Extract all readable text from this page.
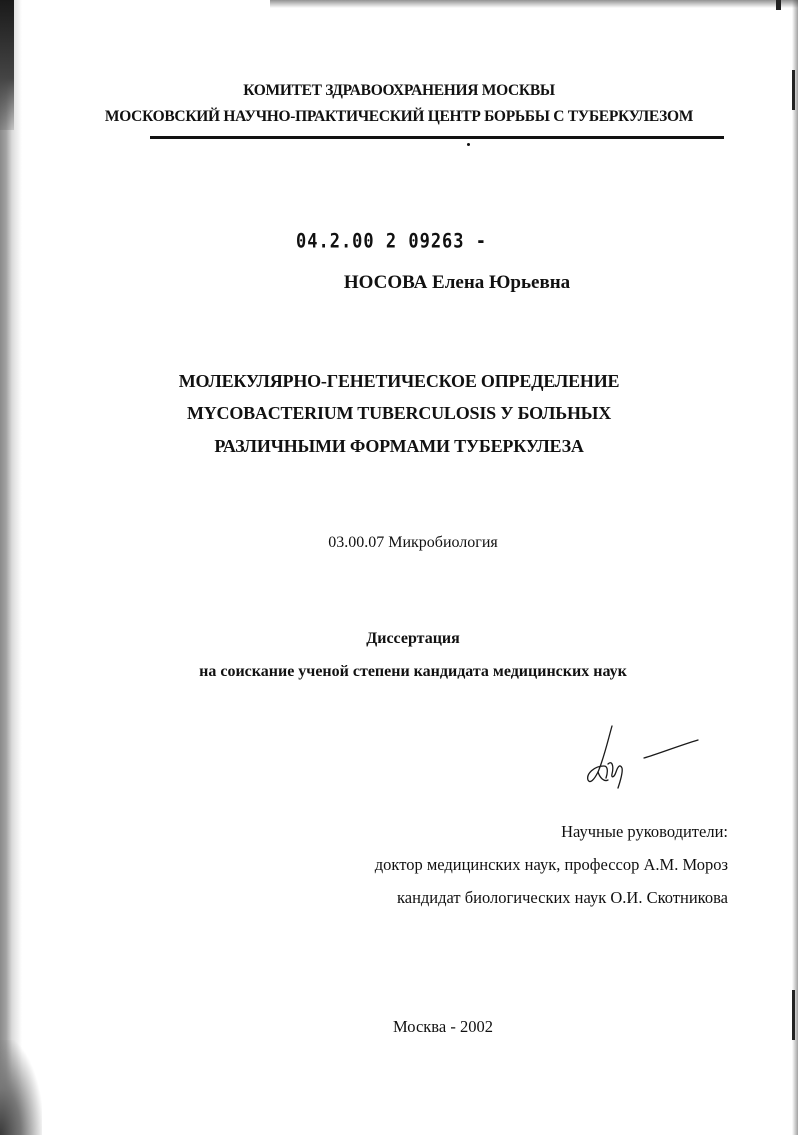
КОМИТЕТ ЗДРАВООХРАНЕНИЯ МОСКВЫ
МОСКОВСКИЙ НАУЧНО-ПРАКТИЧЕСКИЙ ЦЕНТР БОРЬБЫ С ТУБЕРКУЛЕЗОМ
04.2.00 2 09263 -
НОСОВА Елена Юрьевна
МОЛЕКУЛЯРНО-ГЕНЕТИЧЕСКОЕ ОПРЕДЕЛЕНИЕ
MYCOBACTERIUM TUBERCULOSIS У БОЛЬНЫХ
РАЗЛИЧНЫМИ ФОРМАМИ ТУБЕРКУЛЕЗА
03.00.07 Микробиология
Диссертация
на соискание ученой степени кандидата медицинских наук
Научные руководители:
доктор медицинских наук, профессор А.М. Мороз
кандидат биологических наук О.И. Скотникова
Москва - 2002
